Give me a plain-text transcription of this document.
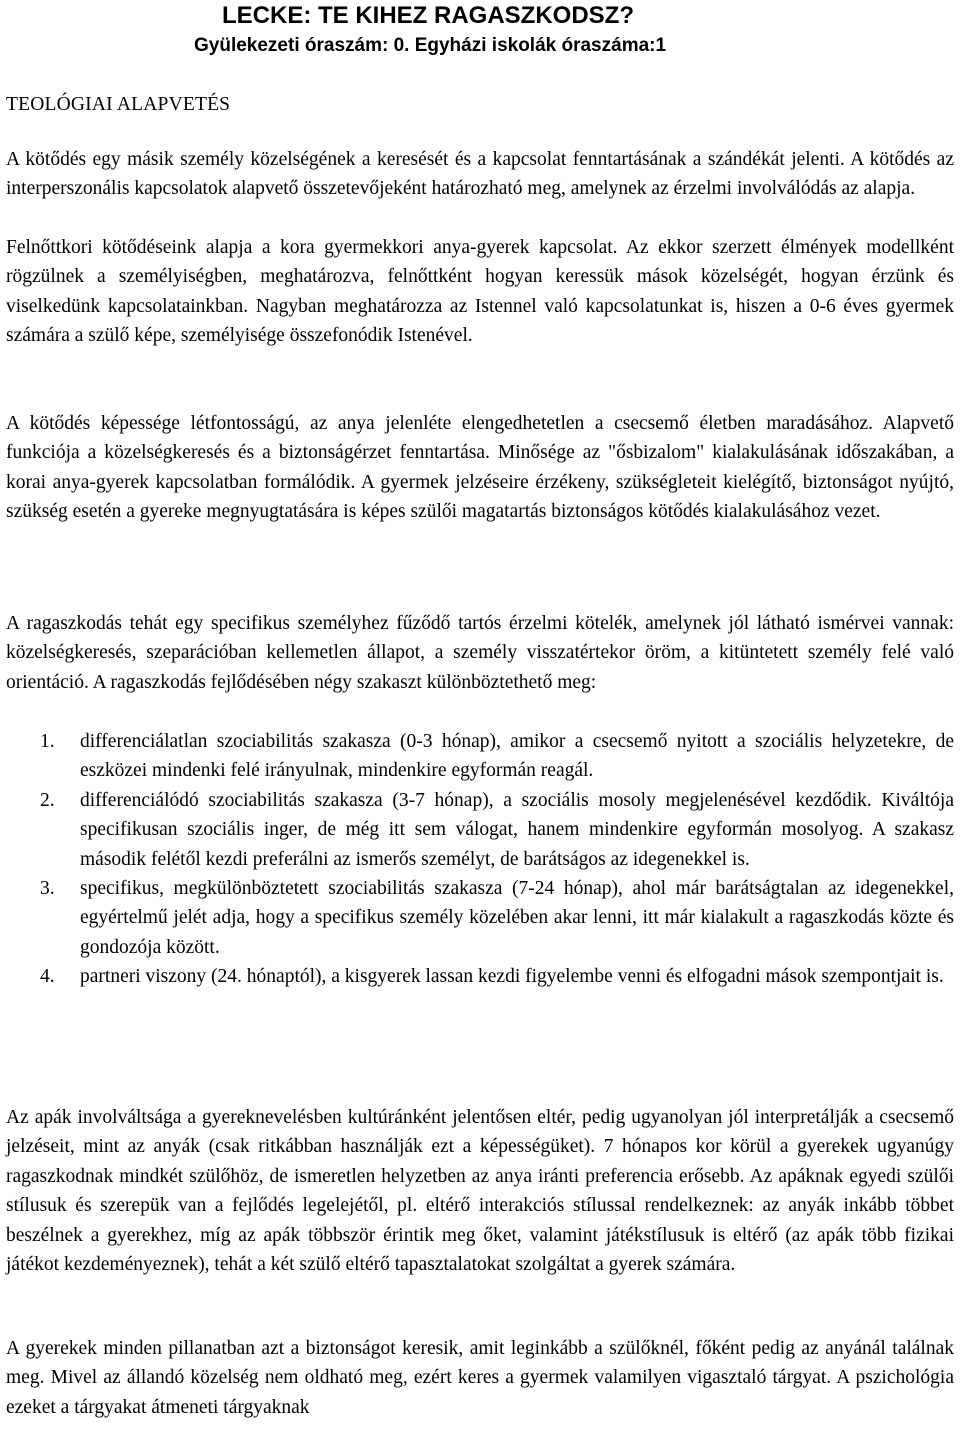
LECKE: TE KIHEZ RAGASZKODSZ?
Gyülekezeti óraszám: 0. Egyházi iskolák óraszáma:1
TEOLÓGIAI ALAPVETÉS
A kötődés egy másik személy közelségének a keresését és a kapcsolat fenntartásának a szándékát jelenti. A kötődés az interperszonális kapcsolatok alapvető összetevőjeként határozható meg, amelynek az érzelmi involválódás az alapja.
Felnőttkori kötődéseink alapja a kora gyermekkori anya-gyerek kapcsolat. Az ekkor szerzett élmények modellként rögzülnek a személyiségben, meghatározva, felnőttként hogyan keressük mások közelségét, hogyan érzünk és viselkedünk kapcsolatainkban. Nagyban meghatározza az Istennel való kapcsolatunkat is, hiszen a 0-6 éves gyermek számára a szülő képe, személyisége összefonódik Istenével.
A kötődés képessége létfontosságú, az anya jelenléte elengedhetetlen a csecsemő életben maradásához. Alapvető funkciója a közelségkeresés és a biztonságérzet fenntartása. Minősége az "ősbizalom" kialakulásának időszakában, a korai anya-gyerek kapcsolatban formálódik. A gyermek jelzéseire érzékeny, szükségleteit kielégítő, biztonságot nyújtó, szükség esetén a gyereke megnyugtatására is képes szülői magatartás biztonságos kötődés kialakulásához vezet.
A ragaszkodás tehát egy specifikus személyhez fűződő tartós érzelmi kötelék, amelynek jól látható ismérvei vannak: közelségkeresés, szeparációban kellemetlen állapot, a személy visszatértekor öröm, a kitüntetett személy felé való orientáció. A ragaszkodás fejlődésében négy szakaszt különböztethető meg:
1. differenciálatlan szociabilitás szakasza (0-3 hónap), amikor a csecsemő nyitott a szociális helyzetekre, de eszközei mindenki felé irányulnak, mindenkire egyformán reagál.
2. differenciálódó szociabilitás szakasza (3-7 hónap), a szociális mosoly megjelenésével kezdődik. Kiváltója specifikusan szociális inger, de még itt sem válogat, hanem mindenkire egyformán mosolyog. A szakasz második felétől kezdi preferálni az ismerős személyt, de barátságos az idegenekkel is.
3. specifikus, megkülönböztetett szociabilitás szakasza (7-24 hónap), ahol már barátságtalan az idegenekkel, egyértelmű jelét adja, hogy a specifikus személy közelében akar lenni, itt már kialakult a ragaszkodás közte és gondozója között.
4. partneri viszony (24. hónaptól), a kisgyerek lassan kezdi figyelembe venni és elfogadni mások szempontjait is.
Az apák involváltsága a gyereknevelésben kultúránként jelentősen eltér, pedig ugyanolyan jól interpretálják a csecsemő jelzéseit, mint az anyák (csak ritkábban használják ezt a képességüket). 7 hónapos kor körül a gyerekek ugyanúgy ragaszkodnak mindkét szülőhöz, de ismeretlen helyzetben az anya iránti preferencia erősebb. Az apáknak egyedi szülői stílusuk és szerepük van a fejlődés legelejétől, pl. eltérő interakciós stílussal rendelkeznek: az anyák inkább többet beszélnek a gyerekhez, míg az apák többször érintik meg őket, valamint játékstílusuk is eltérő (az apák több fizikai játékot kezdeményeznek), tehát a két szülő eltérő tapasztalatokat szolgáltat a gyerek számára.
A gyerekek minden pillanatban azt a biztonságot keresik, amit leginkább a szülőknél, főként pedig az anyánál találnak meg. Mivel az állandó közelség nem oldható meg, ezért keres a gyermek valamilyen vigasztaló tárgyat. A pszichológia ezeket a tárgyakat átmeneti tárgyaknak
